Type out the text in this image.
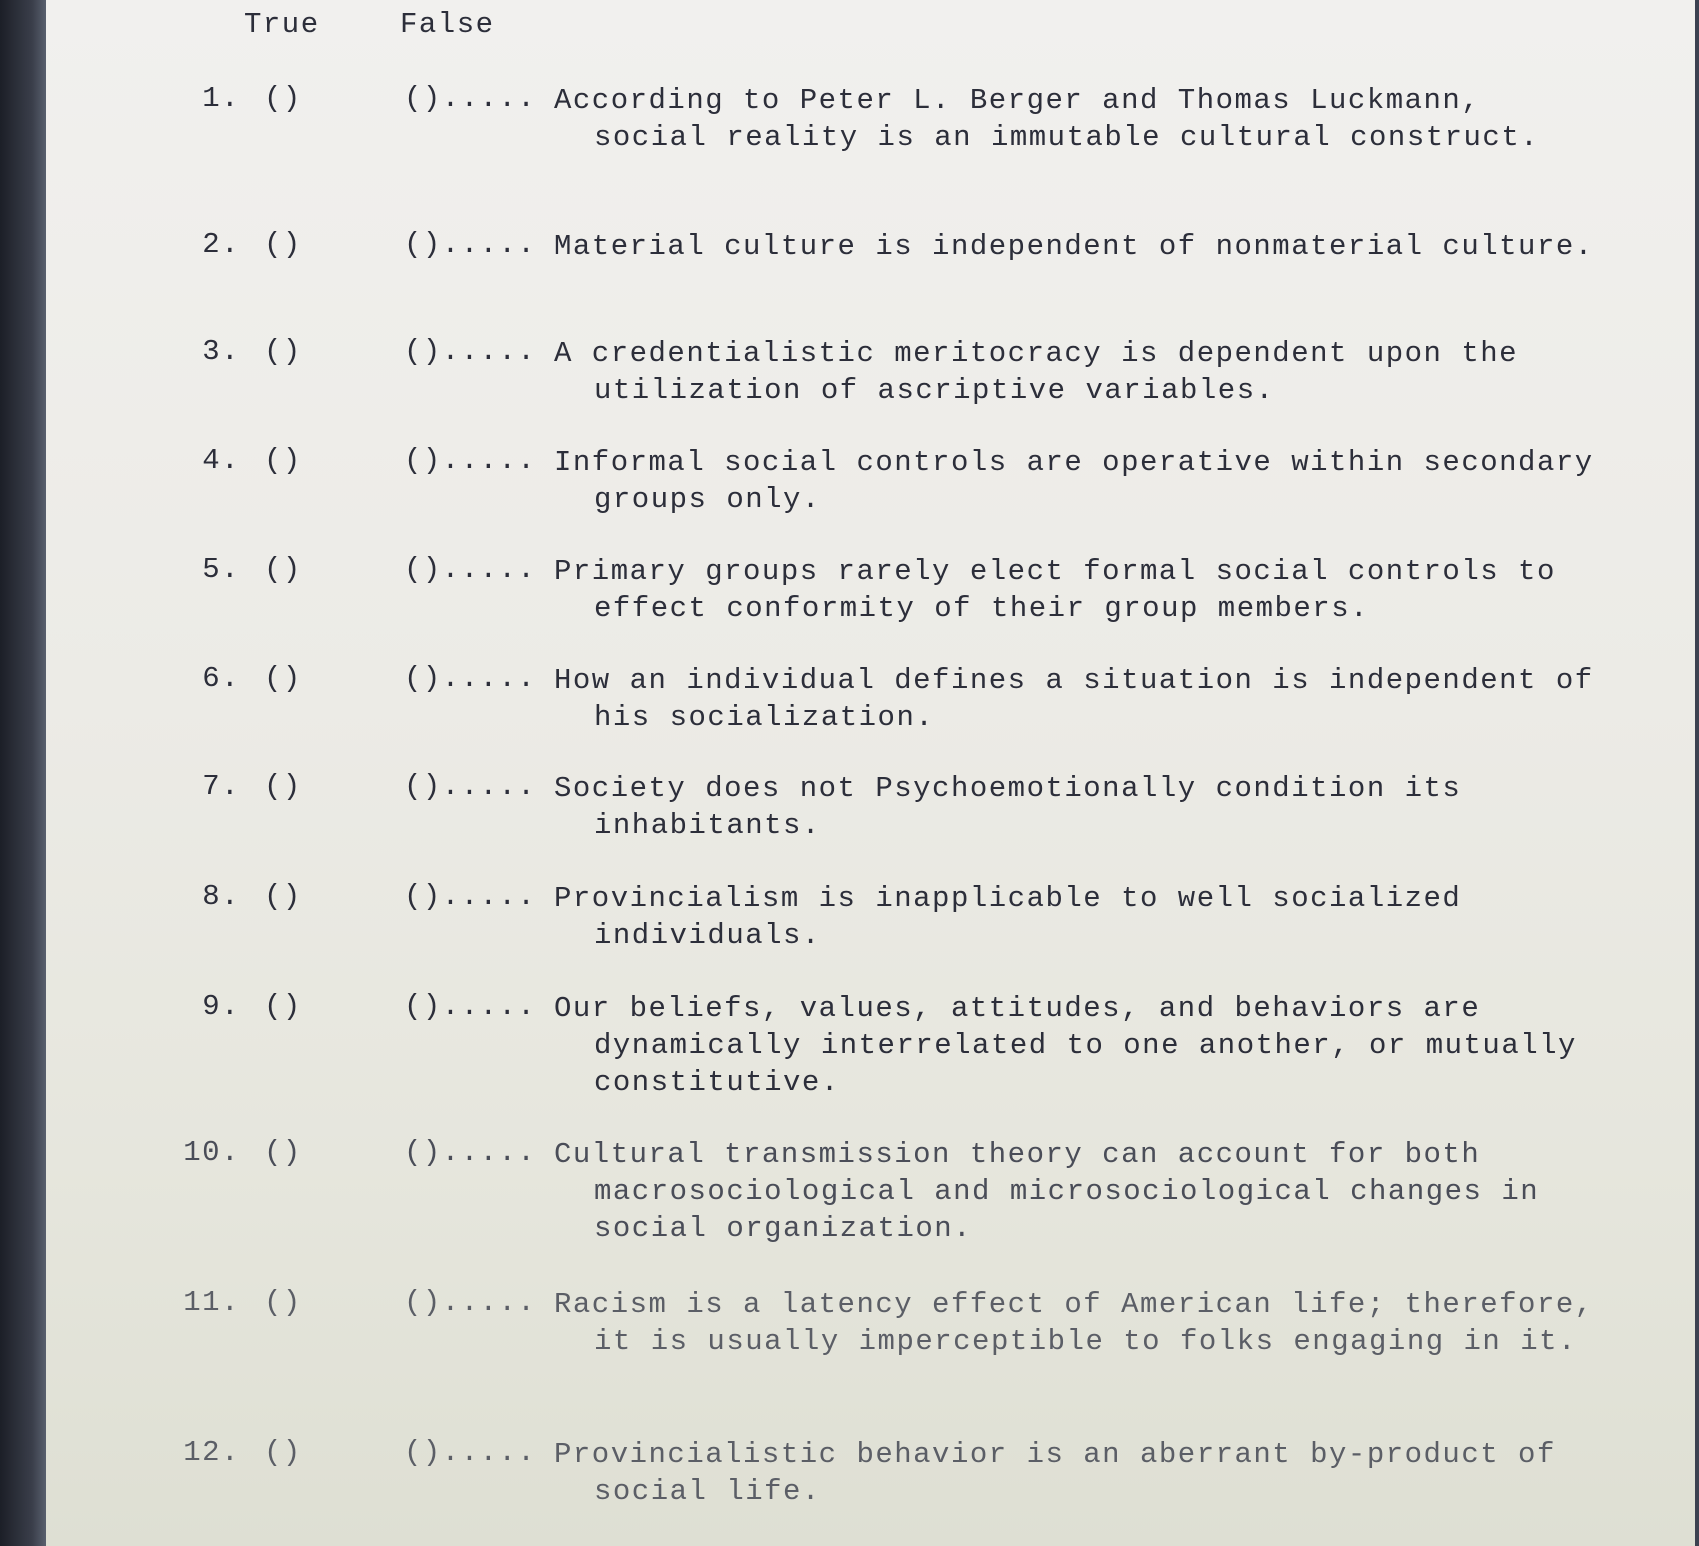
True	False
1. ()	()..... According to Peter L. Berger and Thomas Luckmann, social reality is an immutable cultural construct.
2. ()	()..... Material culture is independent of nonmaterial culture.
3. ()	()..... A credentialistic meritocracy is dependent upon the utilization of ascriptive variables.
4. ()	()..... Informal social controls are operative within secondary groups only.
5. ()	()..... Primary groups rarely elect formal social controls to effect conformity of their group members.
6. ()	()..... How an individual defines a situation is independent of his socialization.
7. ()	()..... Society does not Psychoemotionally condition its inhabitants.
8. ()	()..... Provincialism is inapplicable to well socialized individuals.
9. ()	()..... Our beliefs, values, attitudes, and behaviors are dynamically interrelated to one another, or mutually constitutive.
10. ()	()..... Cultural transmission theory can account for both macrosociological and microsociological changes in social organization.
11. ()	()..... Racism is a latency effect of American life; therefore, it is usually imperceptible to folks engaging in it.
12. ()	()..... Provincialistic behavior is an aberrant by-product of social life.
